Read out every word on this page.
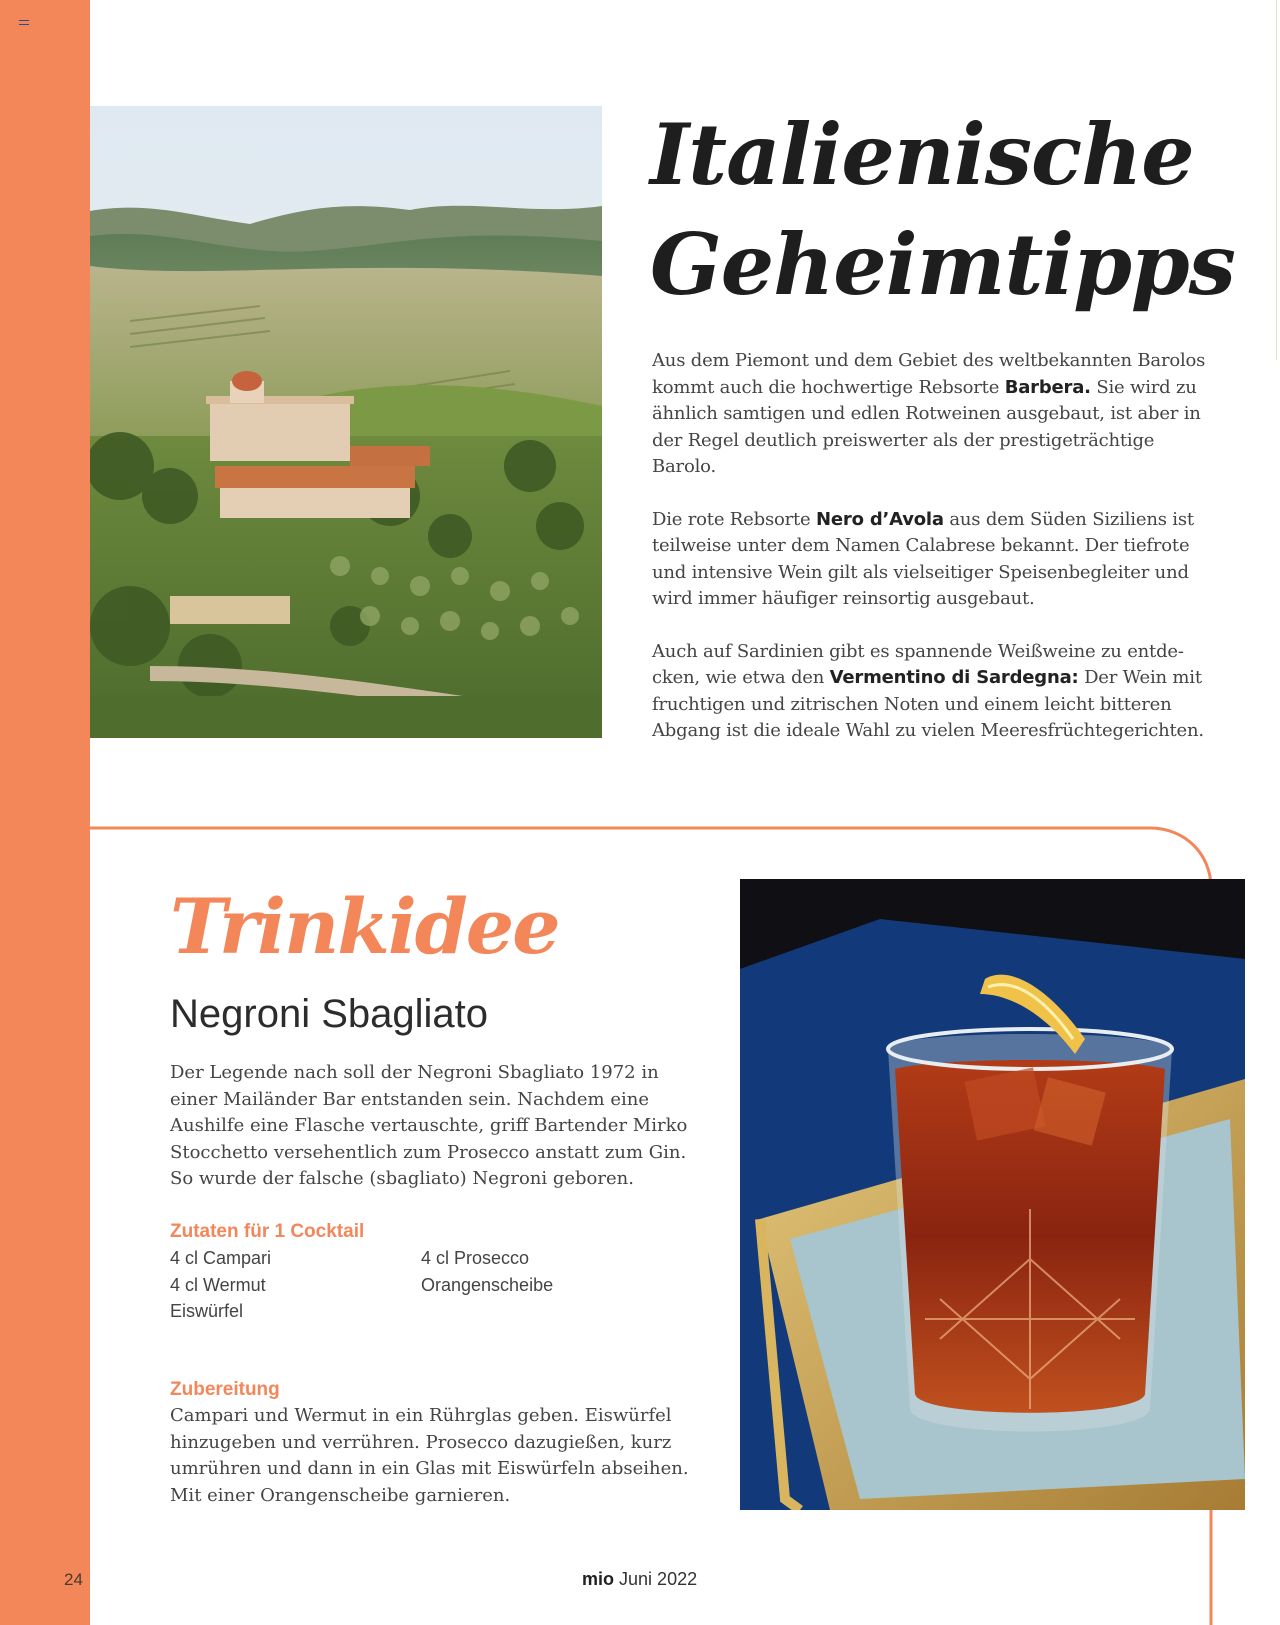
Italienische
Geheimtipps

Aus dem Piemont und dem Gebiet des weltbekannten Barolos kommt auch die hochwertige Rebsorte Barbera. Sie wird zu ähnlich samtigen und edlen Rotweinen ausgebaut, ist aber in der Regel deutlich preiswerter als der prestigeträchtige Barolo.

Die rote Rebsorte Nero d’Avola aus dem Süden Siziliens ist teilweise unter dem Namen Calabrese bekannt. Der tiefrote und intensive Wein gilt als vielseitiger Speisenbegleiter und wird immer häufiger reinsortig ausgebaut.

Auch auf Sardinien gibt es spannende Weißweine zu entdecken, wie etwa den Vermentino di Sardegna: Der Wein mit fruchtigen und zitrischen Noten und einem leicht bitteren Abgang ist die ideale Wahl zu vielen Meeresfrüchtegerichten.

Trinkidee
Negroni Sbagliato
Der Legende nach soll der Negroni Sbagliato 1972 in einer Mailänder Bar entstanden sein. Nachdem eine Aushilfe eine Flasche vertauschte, griff Bartender Mirko Stocchetto versehentlich zum Prosecco anstatt zum Gin. So wurde der falsche (sbagliato) Negroni geboren.
Zutaten für 1 Cocktail
4 cl Campari
4 cl Wermut
Eiswürfel
4 cl Prosecco
Orangenscheibe
Zubereitung
Campari und Wermut in ein Rührglas geben. Eiswürfel hinzugeben und verrühren. Prosecco dazugießen, kurz umrühren und dann in ein Glas mit Eiswürfeln abseihen. Mit einer Orangenscheibe garnieren.
24	mio Juni 2022
